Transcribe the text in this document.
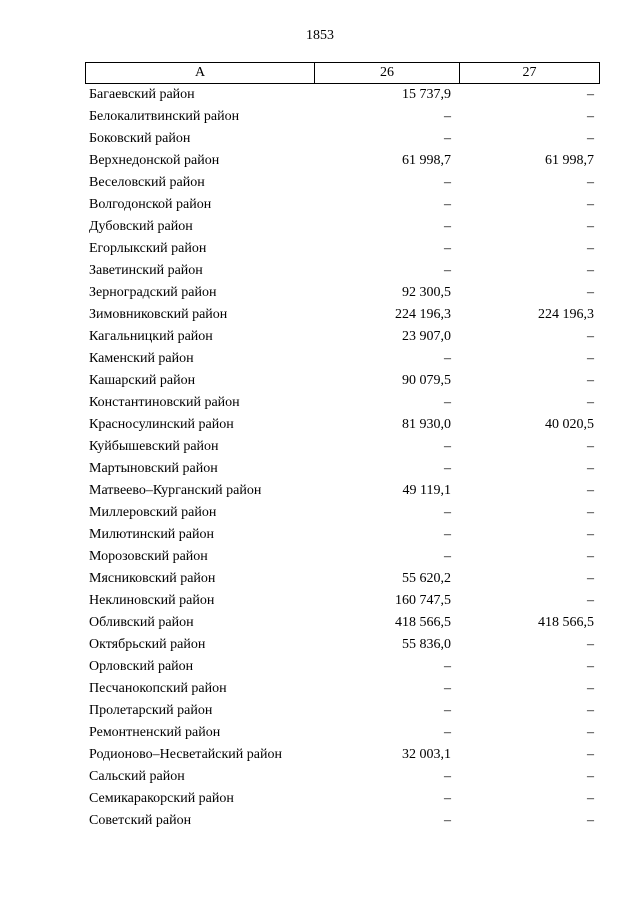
1853
А	26	27
Багаевский район	15 737,9	–
Белокалитвинский район	–	–
Боковский район	–	–
Верхнедонской район	61 998,7	61 998,7
Веселовский район	–	–
Волгодонской район	–	–
Дубовский район	–	–
Егорлыкский район	–	–
Заветинский район	–	–
Зерноградский район	92 300,5	–
Зимовниковский район	224 196,3	224 196,3
Кагальницкий район	23 907,0	–
Каменский район	–	–
Кашарский район	90 079,5	–
Константиновский район	–	–
Красносулинский район	81 930,0	40 020,5
Куйбышевский район	–	–
Мартыновский район	–	–
Матвеево–Курганский район	49 119,1	–
Миллеровский район	–	–
Милютинский район	–	–
Морозовский район	–	–
Мясниковский район	55 620,2	–
Неклиновский район	160 747,5	–
Обливский район	418 566,5	418 566,5
Октябрьский район	55 836,0	–
Орловский район	–	–
Песчанокопский район	–	–
Пролетарский район	–	–
Ремонтненский район	–	–
Родионово–Несветайский район	32 003,1	–
Сальский район	–	–
Семикаракорский район	–	–
Советский район	–	–
